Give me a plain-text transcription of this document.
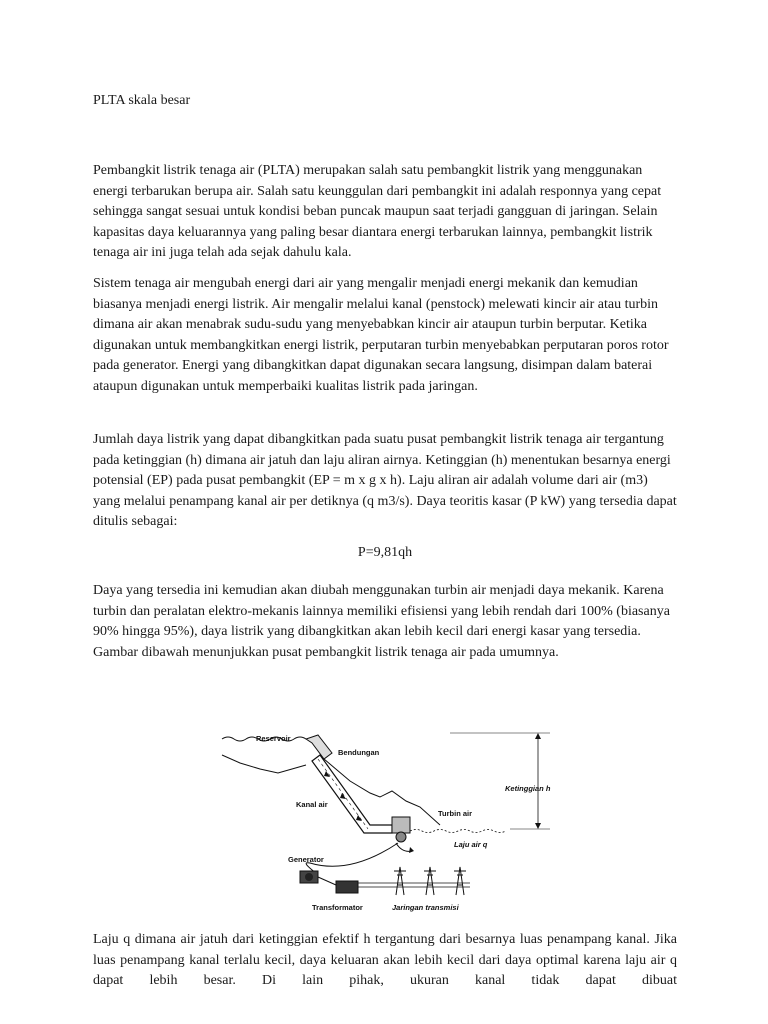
PLTA skala besar

Pembangkit listrik tenaga air (PLTA) merupakan salah satu pembangkit listrik yang menggunakan energi terbarukan berupa air. Salah satu keunggulan dari pembangkit ini adalah responnya yang cepat sehingga sangat sesuai untuk kondisi beban puncak maupun saat terjadi gangguan di jaringan. Selain kapasitas daya keluarannya yang paling besar diantara energi terbarukan lainnya, pembangkit listrik tenaga air ini juga telah ada sejak dahulu kala.

Sistem tenaga air mengubah energi dari air yang mengalir menjadi energi mekanik dan kemudian biasanya menjadi energi listrik. Air mengalir melalui kanal (penstock) melewati kincir air atau turbin dimana air akan menabrak sudu-sudu yang menyebabkan kincir air ataupun turbin berputar. Ketika digunakan untuk membangkitkan energi listrik, perputaran turbin menyebabkan perputaran poros rotor pada generator. Energi yang dibangkitkan dapat digunakan secara langsung, disimpan dalam baterai ataupun digunakan untuk memperbaiki kualitas listrik pada jaringan.

Jumlah daya listrik yang dapat dibangkitkan pada suatu pusat pembangkit listrik tenaga air tergantung pada ketinggian (h) dimana air jatuh dan laju aliran airnya. Ketinggian (h) menentukan besarnya energi potensial (EP) pada pusat pembangkit (EP = m x g x h). Laju aliran air adalah volume dari air (m3) yang melalui penampang kanal air per detiknya (q m3/s). Daya teoritis kasar (P kW) yang tersedia dapat ditulis sebagai:

P=9,81qh

Daya yang tersedia ini kemudian akan diubah menggunakan turbin air menjadi daya mekanik. Karena turbin dan peralatan elektro-mekanis lainnya memiliki efisiensi yang lebih rendah dari 100% (biasanya 90% hingga 95%), daya listrik yang dibangkitkan akan lebih kecil dari energi kasar yang tersedia. Gambar dibawah menunjukkan pusat pembangkit listrik tenaga air pada umumnya.

Reservoir
Bendungan
Kanal air
Ketinggian h
Turbin air
Laju air q
Generator
Transformator	Jaringan transmisi

Laju q dimana air jatuh dari ketinggian efektif h tergantung dari besarnya luas penampang kanal. Jika luas penampang kanal terlalu kecil, daya keluaran akan lebih kecil dari daya optimal karena laju air q dapat lebih besar. Di lain pihak, ukuran kanal tidak dapat dibuat
